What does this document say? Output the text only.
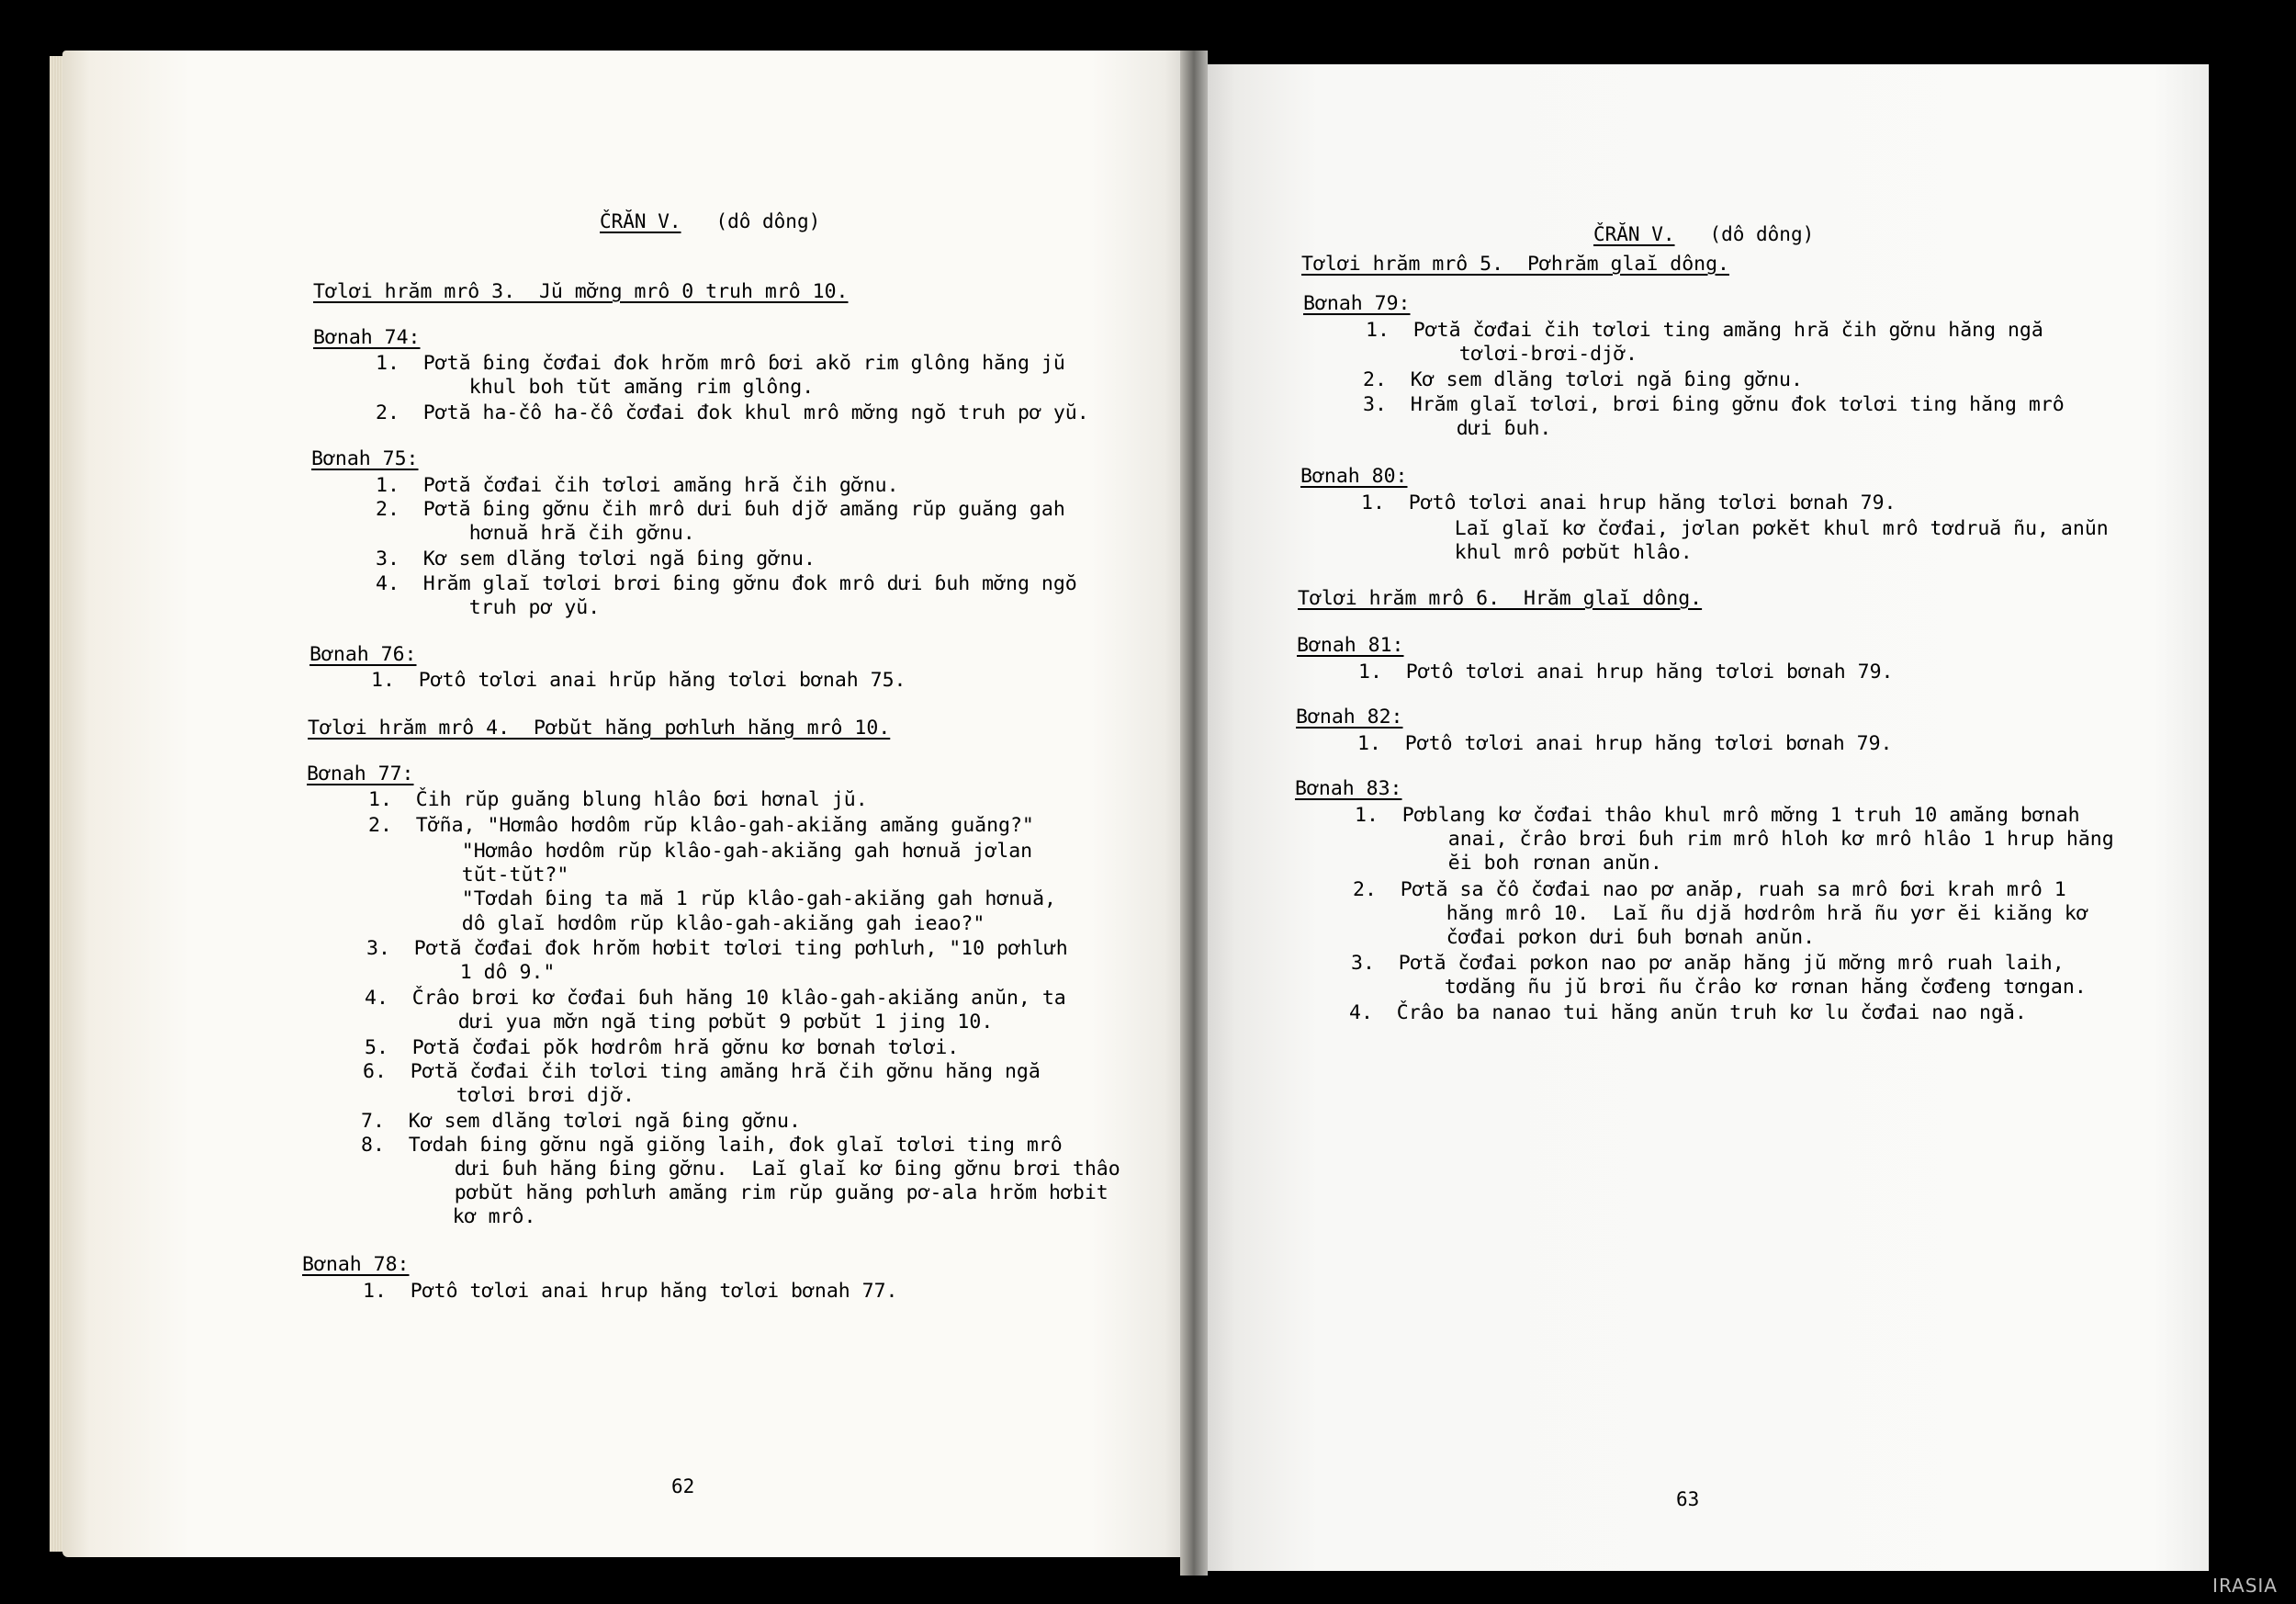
ČRĂN V. (dô dông)
Tơlơi hrăm mrô 3.  Jŭ mơ̆ng mrô 0 truh mrô 10.
Bơnah 74:
1.  Pơtă ɓing čơđai đok hrŏm mrô ɓơi akŏ rim glông hăng jŭ
khul boh tŭt amăng rim glông.
2.  Pơtă ha-čô ha-čô čơđai đok khul mrô mơ̆ng ngŏ truh pơ yŭ.
Bơnah 75:
1.  Pơtă čơđai čih tơlơi amăng hră čih gơ̆nu.
2.  Pơtă ɓing gơ̆nu čih mrô dưi ɓuh djơ̆ amăng rŭp guăng gah
hơnuă hră čih gơ̆nu.
3.  Kơ sem dlăng tơlơi ngă ɓing gơ̆nu.
4.  Hrăm glaĭ tơlơi brơi ɓing gơ̆nu đok mrô dưi ɓuh mơ̆ng ngŏ
truh pơ yŭ.
Bơnah 76:
1.  Pơtô tơlơi anai hrŭp hăng tơlơi bơnah 75.
Tơlơi hrăm mrô 4.  Pơbŭt hăng pơhlưh hăng mrô 10.
Bơnah 77:
1.  Čih rŭp guăng blung hlâo ɓơi hơnal jŭ.
2.  Tơ̆ña, "Hơmâo hơdôm rŭp klâo-gah-akiăng amăng guăng?"
"Hơmâo hơdôm rŭp klâo-gah-akiăng gah hơnuă jơlan
tŭt-tŭt?"
"Tơdah ɓing ta mă 1 rŭp klâo-gah-akiăng gah hơnuă,
dô glaĭ hơdôm rŭp klâo-gah-akiăng gah ieao?"
3.  Pơtă čơđai đok hrŏm hơbit tơlơi ting pơhlưh, "10 pơhlưh
1 dô 9."
4.  Črâo brơi kơ čơđai ɓuh hăng 10 klâo-gah-akiăng anŭn, ta
dưi yua mơ̆n ngă ting pơbŭt 9 pơbŭt 1 jing 10.
5.  Pơtă čơđai pŏk hơdrôm hră gơ̆nu kơ bơnah tơlơi.
6.  Pơtă čơđai čih tơlơi ting amăng hră čih gơ̆nu hăng ngă
tơlơi brơi djơ̆.
7.  Kơ sem dlăng tơlơi ngă ɓing gơ̆nu.
8.  Tơdah ɓing gơ̆nu ngă giŏng laih, đok glaĭ tơlơi ting mrô
dưi ɓuh hăng ɓing gơ̆nu.  Laĭ glaĭ kơ ɓing gơ̆nu brơi thâo
pơbŭt hăng pơhlưh amăng rim rŭp guăng pơ-ala hrŏm hơbit
kơ mrô.
Bơnah 78:
1.  Pơtô tơlơi anai hrup hăng tơlơi bơnah 77.
62
ČRĂN V. (dô dông)
Tơlơi hrăm mrô 5.  Pơhrăm glaĭ dông.
Bơnah 79:
1.  Pơtă čơđai čih tơlơi ting amăng hră čih gơ̆nu hăng ngă
tơlơi-brơi-djơ̆.
2.  Kơ sem dlăng tơlơi ngă ɓing gơ̆nu.
3.  Hrăm glaĭ tơlơi, brơi ɓing gơ̆nu đok tơlơi ting hăng mrô
dưi ɓuh.
Bơnah 80:
1.  Pơtô tơlơi anai hrup hăng tơlơi bơnah 79.
Laĭ glaĭ kơ čơđai, jơlan pơkĕt khul mrô tơdruă ñu, anŭn
khul mrô pơbŭt hlâo.
Tơlơi hrăm mrô 6.  Hrăm glaĭ dông.
Bơnah 81:
1.  Pơtô tơlơi anai hrup hăng tơlơi bơnah 79.
Bơnah 82:
1.  Pơtô tơlơi anai hrup hăng tơlơi bơnah 79.
Bơnah 83:
1.  Pơblang kơ čơđai thâo khul mrô mơ̆ng 1 truh 10 amăng bơnah
anai, črâo brơi ɓuh rim mrô hloh kơ mrô hlâo 1 hrup hăng
ĕi boh rơnan anŭn.
2.  Pơtă sa čô čơđai nao pơ anăp, ruah sa mrô ɓơi krah mrô 1
hăng mrô 10.  Laĭ ñu djă hơdrôm hră ñu yơr ĕi kiăng kơ
čơđai pơkon dưi ɓuh bơnah anŭn.
3.  Pơtă čơđai pơkon nao pơ anăp hăng jŭ mơ̆ng mrô ruah laih,
tơdăng ñu jŭ brơi ñu črâo kơ rơnan hăng čơđeng tơngan.
4.  Črâo ba nanao tui hăng anŭn truh kơ lu čơđai nao ngă.
63
IRASIA
